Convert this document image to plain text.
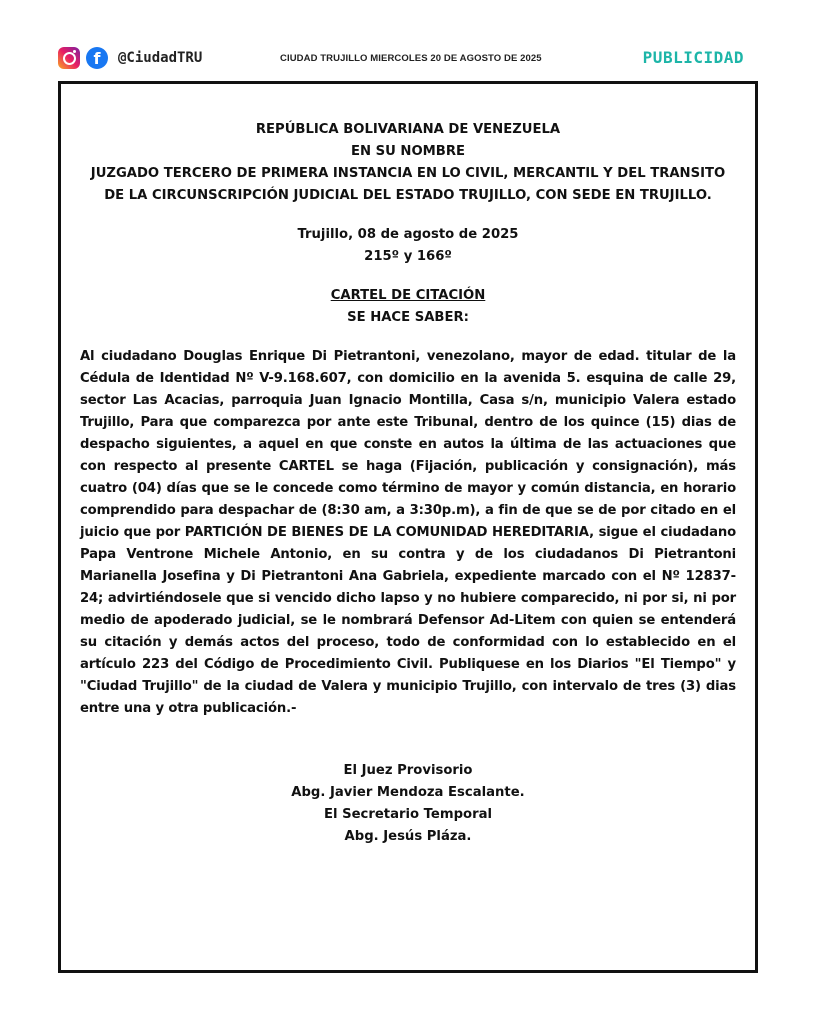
f	@CiudadTRU	CIUDAD TRUJILLO MIERCOLES 20 DE AGOSTO DE 2025	PUBLICIDAD
REPÚBLICA BOLIVARIANA DE VENEZUELA
EN SU NOMBRE
JUZGADO TERCERO DE PRIMERA INSTANCIA EN LO CIVIL, MERCANTIL Y DEL TRANSITO DE LA CIRCUNSCRIPCIÓN JUDICIAL DEL ESTADO TRUJILLO, CON SEDE EN TRUJILLO.
Trujillo, 08 de agosto de 2025
215º y 166º
CARTEL DE CITACIÓN
SE HACE SABER:
Al ciudadano Douglas Enrique Di Pietrantoni, venezolano, mayor de edad. titular de la Cédula de Identidad Nº V-9.168.607, con domicilio en la avenida 5. esquina de calle 29, sector Las Acacias, parroquia Juan Ignacio Montilla, Casa s/n, municipio Valera estado Trujillo, Para que comparezca por ante este Tribunal, dentro de los quince (15) dias de despacho siguientes, a aquel en que conste en autos la última de las actuaciones que con respecto al presente CARTEL se haga (Fijación, publicación y consignación), más cuatro (04) días que se le concede como término de mayor y común distancia, en horario comprendido para despachar de (8:30 am, a 3:30p.m), a fin de que se de por citado en el juicio que por PARTICIÓN DE BIENES DE LA COMUNIDAD HEREDITARIA, sigue el ciudadano Papa Ventrone Michele Antonio, en su contra y de los ciudadanos Di Pietrantoni Marianella Josefina y Di Pietrantoni Ana Gabriela, expediente marcado con el Nº 12837-24; advirtiéndosele que si vencido dicho lapso y no hubiere comparecido, ni por si, ni por medio de apoderado judicial, se le nombrará Defensor Ad-Litem con quien se entenderá su citación y demás actos del proceso, todo de conformidad con lo establecido en el artículo 223 del Código de Procedimiento Civil. Publiquese en los Diarios "El Tiempo" y "Ciudad Trujillo" de la ciudad de Valera y municipio Trujillo, con intervalo de tres (3) dias entre una y otra publicación.-
El Juez Provisorio
Abg. Javier Mendoza Escalante.
El Secretario Temporal
Abg. Jesús Pláza.
